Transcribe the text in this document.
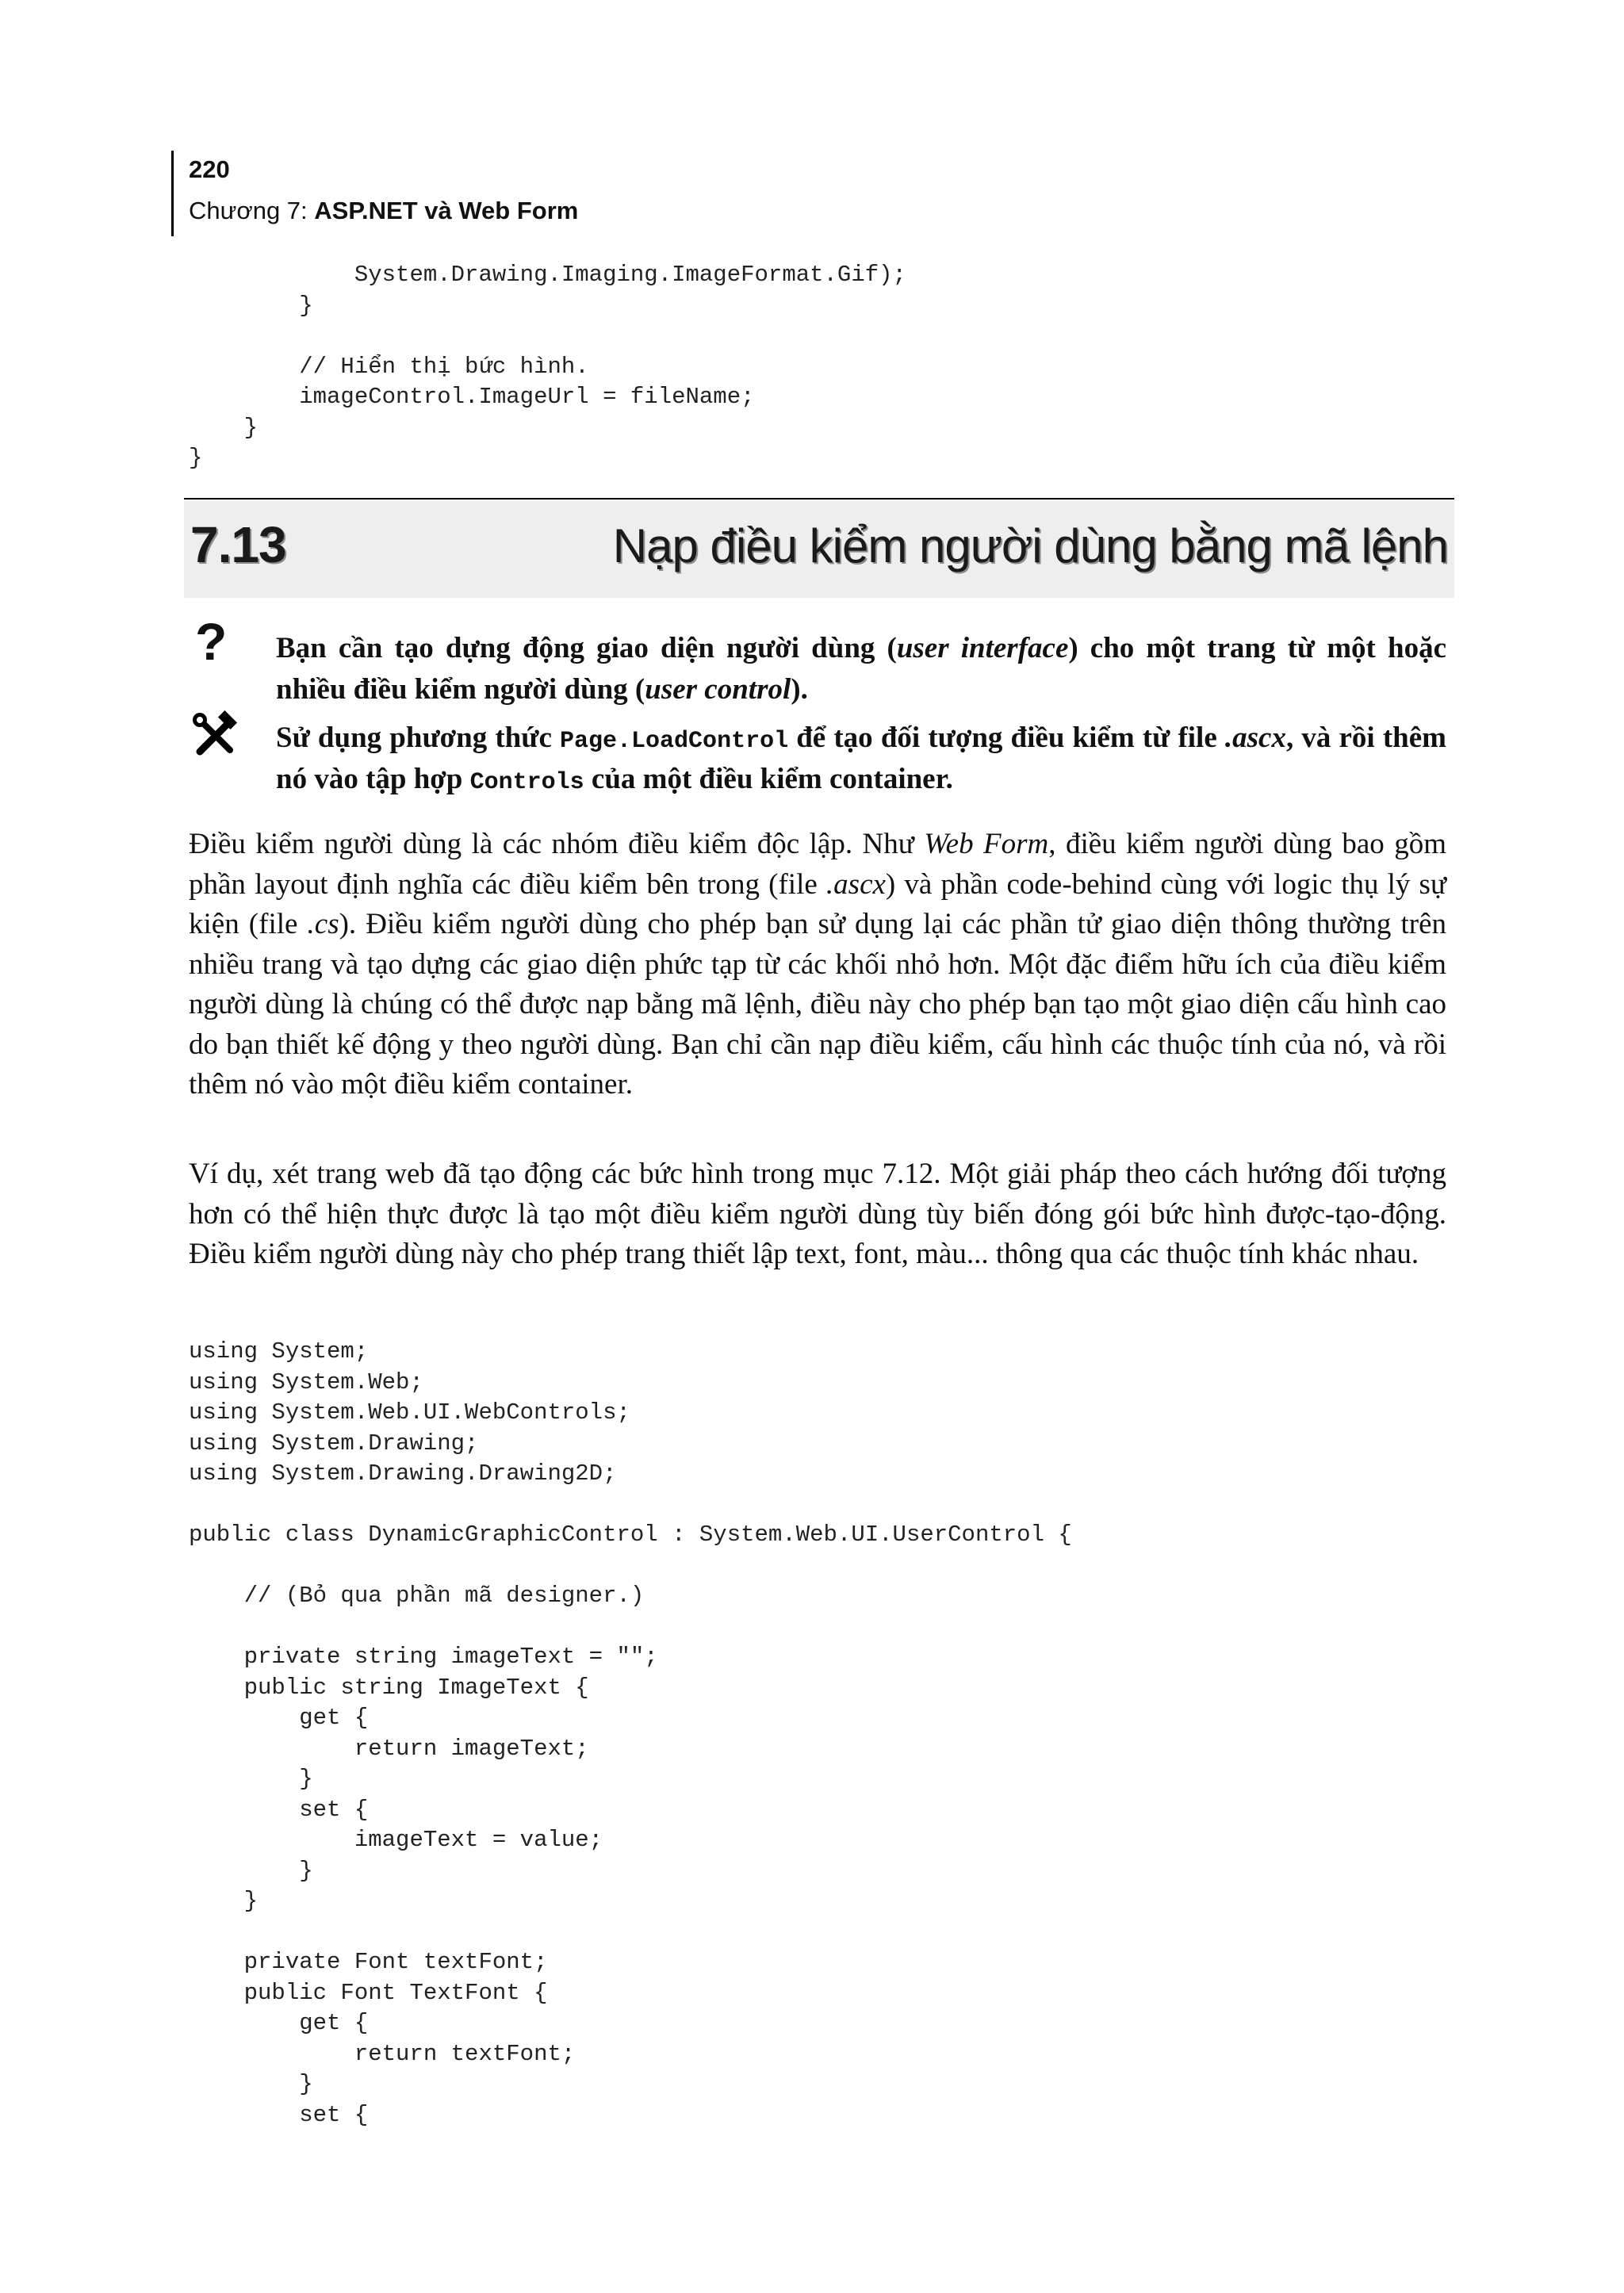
220
Chương 7: ASP.NET và Web Form
System.Drawing.Imaging.ImageFormat.Gif);
}

// Hiển thị bức hình.
imageControl.ImageUrl = fileName;
}
}
7.13	Nạp điều kiểm người dùng bằng mã lệnh
? Bạn cần tạo dựng động giao diện người dùng (user interface) cho một trang từ một hoặc nhiều điều kiểm người dùng (user control).
Sử dụng phương thức Page.LoadControl để tạo đối tượng điều kiểm từ file .ascx, và rồi thêm nó vào tập hợp Controls của một điều kiểm container.
Điều kiểm người dùng là các nhóm điều kiểm độc lập. Như Web Form, điều kiểm người dùng bao gồm phần layout định nghĩa các điều kiểm bên trong (file .ascx) và phần code-behind cùng với logic thụ lý sự kiện (file .cs). Điều kiểm người dùng cho phép bạn sử dụng lại các phần tử giao diện thông thường trên nhiều trang và tạo dựng các giao diện phức tạp từ các khối nhỏ hơn. Một đặc điểm hữu ích của điều kiểm người dùng là chúng có thể được nạp bằng mã lệnh, điều này cho phép bạn tạo một giao diện cấu hình cao do bạn thiết kế động y theo người dùng. Bạn chỉ cần nạp điều kiểm, cấu hình các thuộc tính của nó, và rồi thêm nó vào một điều kiểm container.
Ví dụ, xét trang web đã tạo động các bức hình trong mục 7.12. Một giải pháp theo cách hướng đối tượng hơn có thể hiện thực được là tạo một điều kiểm người dùng tùy biến đóng gói bức hình được-tạo-động. Điều kiểm người dùng này cho phép trang thiết lập text, font, màu... thông qua các thuộc tính khác nhau.
using System;
using System.Web;
using System.Web.UI.WebControls;
using System.Drawing;
using System.Drawing.Drawing2D;

public class DynamicGraphicControl : System.Web.UI.UserControl {

// (Bỏ qua phần mã designer.)

private string imageText = "";
public string ImageText {
get {
return imageText;
}
set {
imageText = value;
}
}

private Font textFont;
public Font TextFont {
get {
return textFont;
}
set {
